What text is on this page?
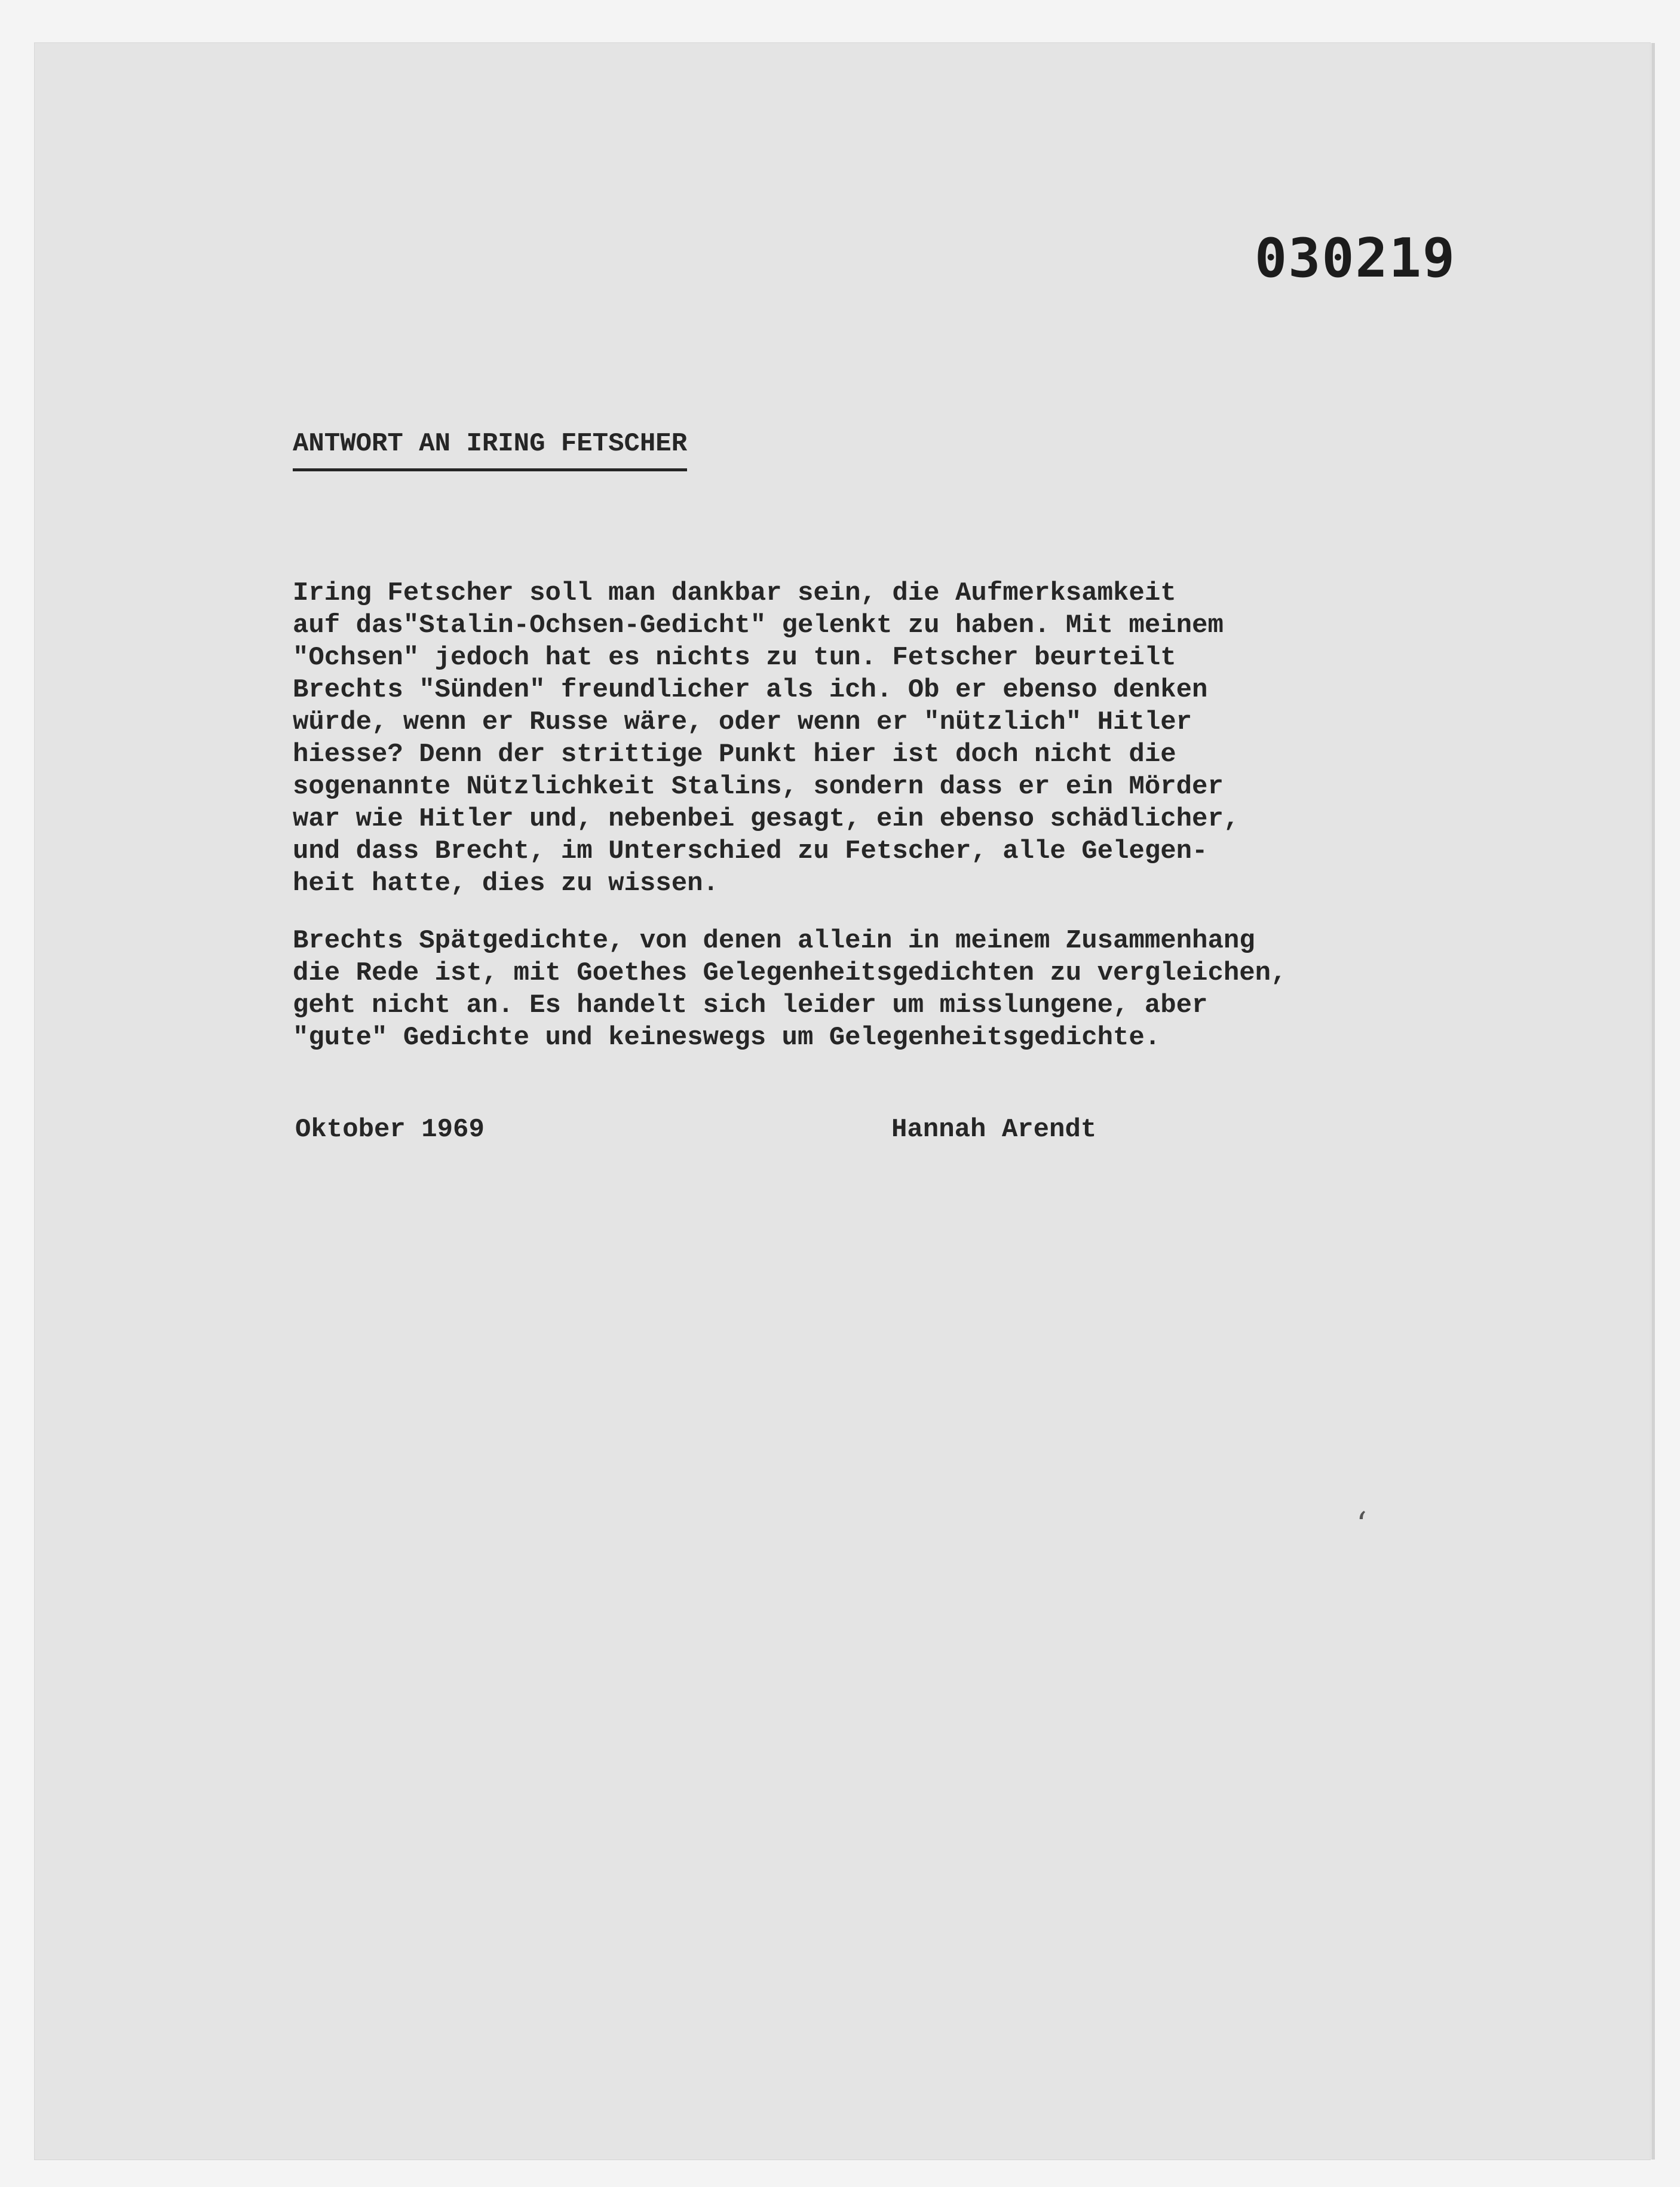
030219
ANTWORT AN IRING FETSCHER
Iring Fetscher soll man dankbar sein, die Aufmerksamkeit
auf das"Stalin-Ochsen-Gedicht" gelenkt zu haben. Mit meinem
"Ochsen" jedoch hat es nichts zu tun. Fetscher beurteilt
Brechts "Sünden" freundlicher als ich. Ob er ebenso denken
würde, wenn er Russe wäre, oder wenn er "nützlich" Hitler
hiesse? Denn der strittige Punkt hier ist doch nicht die
sogenannte Nützlichkeit Stalins, sondern dass er ein Mörder
war wie Hitler und, nebenbei gesagt, ein ebenso schädlicher,
und dass Brecht, im Unterschied zu Fetscher, alle Gelegen-
heit hatte, dies zu wissen.
Brechts Spätgedichte, von denen allein in meinem Zusammenhang
die Rede ist, mit Goethes Gelegenheitsgedichten zu vergleichen,
geht nicht an. Es handelt sich leider um misslungene, aber
"gute" Gedichte und keineswegs um Gelegenheitsgedichte.
Oktober 1969	Hannah Arendt
‘
